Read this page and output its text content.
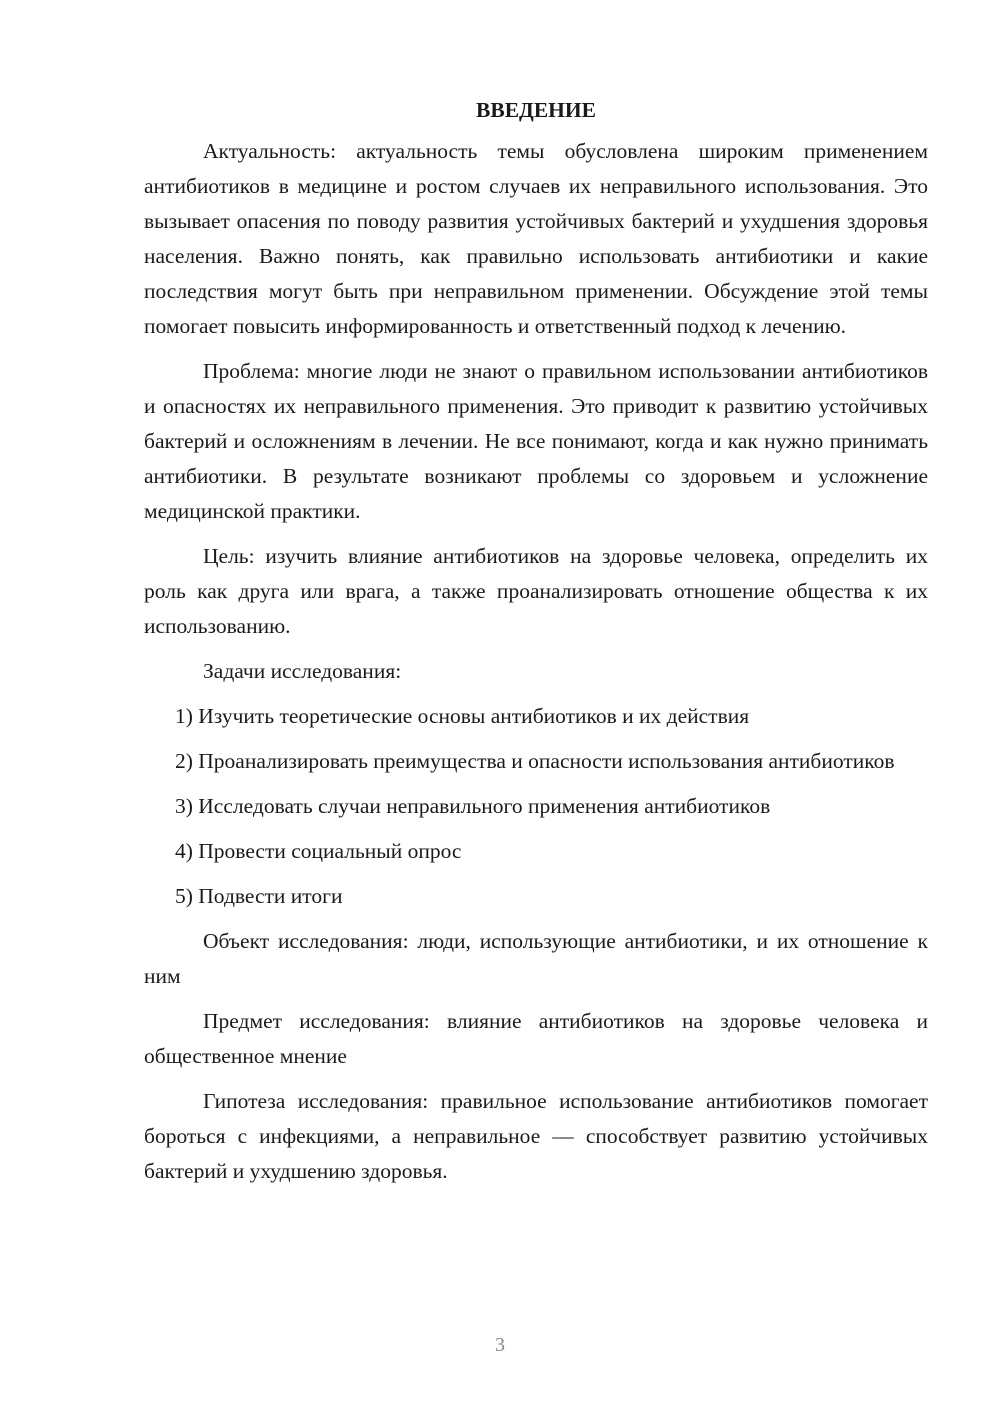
ВВЕДЕНИЕ

Актуальность: актуальность темы обусловлена широким применением антибиотиков в медицине и ростом случаев их неправильного использования. Это вызывает опасения по поводу развития устойчивых бактерий и ухудшения здоровья населения. Важно понять, как правильно использовать антибиотики и какие последствия могут быть при неправильном применении. Обсуждение этой темы помогает повысить информированность и ответственный подход к лечению.

Проблема: многие люди не знают о правильном использовании антибиотиков и опасностях их неправильного применения. Это приводит к развитию устойчивых бактерий и осложнениям в лечении. Не все понимают, когда и как нужно принимать антибиотики. В результате возникают проблемы со здоровьем и усложнение медицинской практики.

Цель: изучить влияние антибиотиков на здоровье человека, определить их роль как друга или врага, а также проанализировать отношение общества к их использованию.

Задачи исследования:

1) Изучить теоретические основы антибиотиков и их действия

2) Проанализировать преимущества и опасности использования антибиотиков

3) Исследовать случаи неправильного применения антибиотиков

4) Провести социальный опрос

5) Подвести итоги

Объект исследования: люди, использующие антибиотики, и их отношение к ним

Предмет исследования: влияние антибиотиков на здоровье человека и общественное мнение

Гипотеза исследования: правильное использование антибиотиков помогает бороться с инфекциями, а неправильное — способствует развитию устойчивых бактерий и ухудшению здоровья.

3
